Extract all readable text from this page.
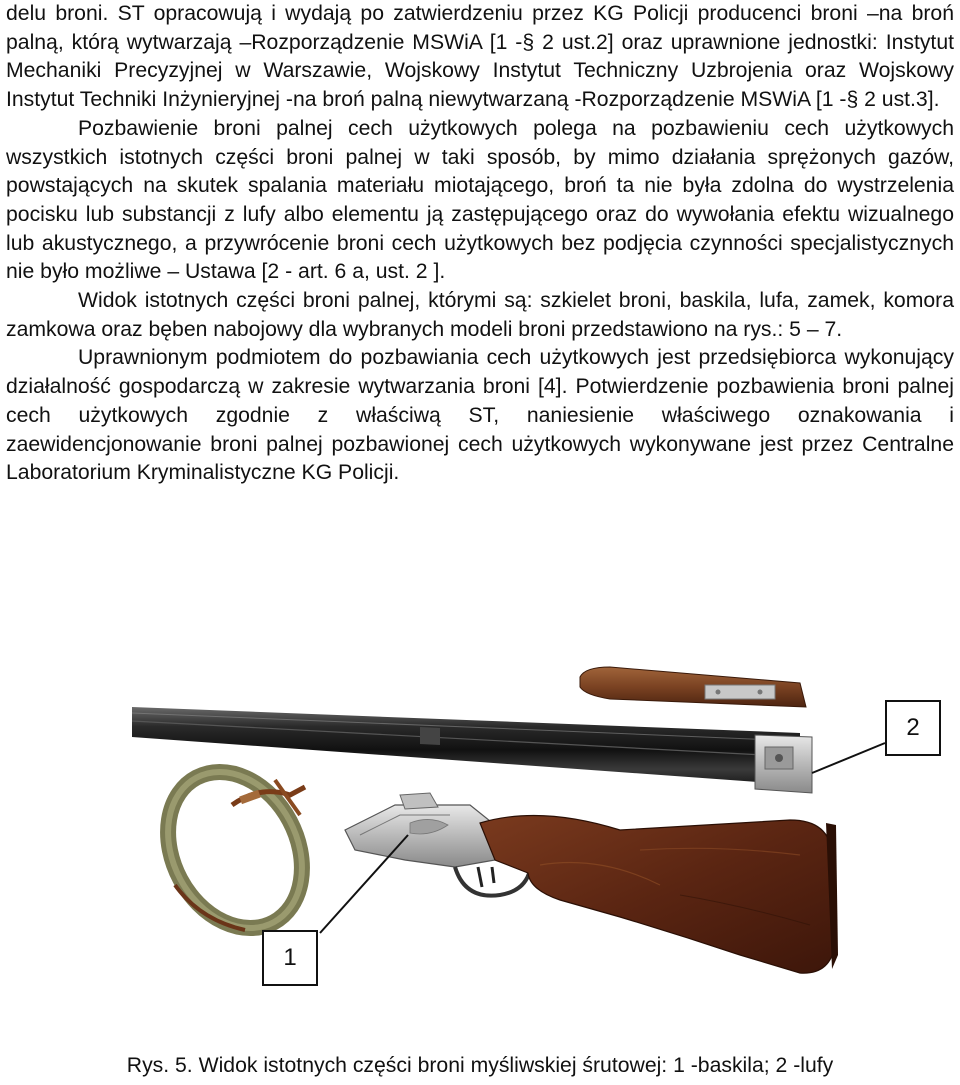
delu broni. ST opracowują i wydają po zatwierdzeniu przez KG Policji producenci broni –na broń palną, którą wytwarzają –Rozporządzenie MSWiA [1 -§ 2 ust.2] oraz uprawnione jednostki: Instytut Mechaniki Precyzyjnej w Warszawie, Wojskowy Instytut Techniczny Uzbrojenia oraz Wojskowy Instytut Techniki Inżynieryjnej -na broń palną niewytwarzaną -Rozporządzenie MSWiA [1 -§ 2 ust.3].

Pozbawienie broni palnej cech użytkowych polega na pozbawieniu cech użytkowych wszystkich istotnych części broni palnej w taki sposób, by mimo działania sprężonych gazów, powstających na skutek spalania materiału miotającego, broń ta nie była zdolna do wystrzelenia pocisku lub substancji z lufy albo elementu ją zastępującego oraz do wywołania efektu wizualnego lub akustycznego, a przywrócenie broni cech użytkowych bez podjęcia czynności specjalistycznych nie było możliwe – Ustawa [2 - art. 6 a, ust. 2 ].

Widok istotnych części broni palnej, którymi są: szkielet broni, baskila, lufa, zamek, komora zamkowa oraz bęben nabojowy dla wybranych modeli broni przedstawiono na rys.: 5 – 7.

Uprawnionym podmiotem do pozbawiania cech użytkowych jest przedsiębiorca wykonujący działalność gospodarczą w zakresie wytwarzania broni [4]. Potwierdzenie pozbawienia broni palnej cech użytkowych zgodnie z właściwą ST, naniesienie właściwego oznakowania i zaewidencjonowanie broni palnej pozbawionej cech użytkowych wykonywane jest przez Centralne Laboratorium Kryminalistyczne KG Policji.

1
2
Rys. 5. Widok istotnych części broni myśliwskiej śrutowej: 1 -baskila; 2 -lufy
